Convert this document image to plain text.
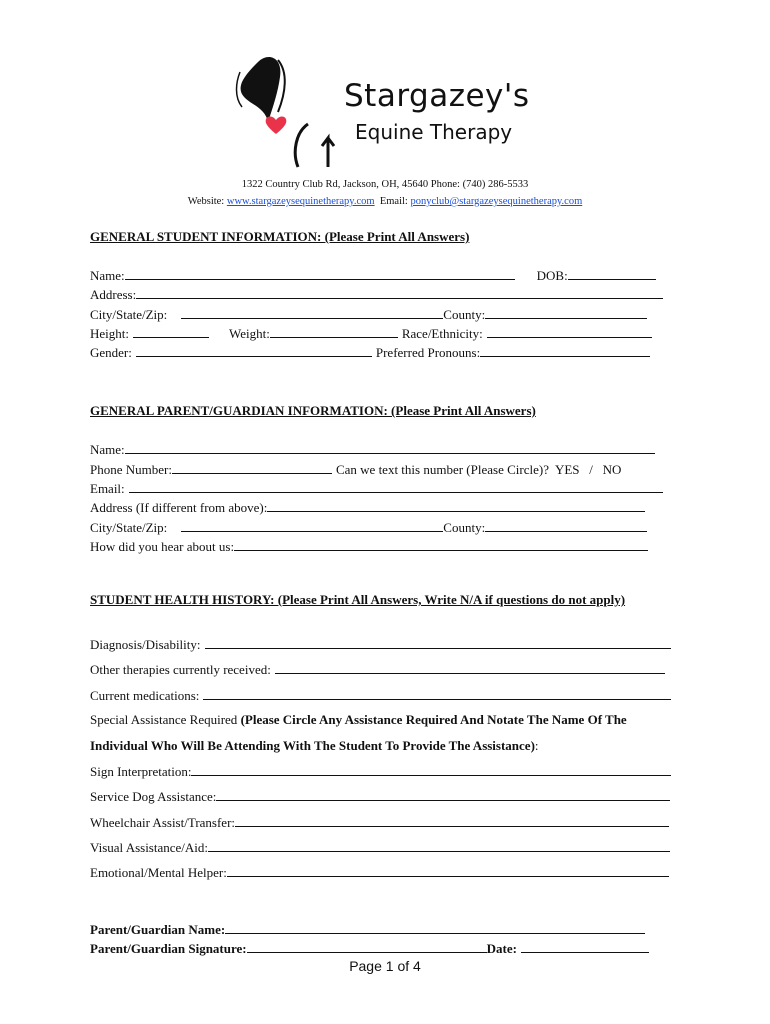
Stargazey's
Equine Therapy
1322 Country Club Rd, Jackson, OH, 45640 Phone: (740) 286-5533
Website: www.stargazeysequinetherapy.com Email: ponyclub@stargazeysequinetherapy.com
GENERAL STUDENT INFORMATION: (Please Print All Answers)
Name:	DOB:
Address:
City/State/Zip:	County:
Height:	Weight:	Race/Ethnicity:
Gender:	Preferred Pronouns:
GENERAL PARENT/GUARDIAN INFORMATION: (Please Print All Answers)
Name:
Phone Number:	Can we text this number (Please Circle)?  YES   /   NO
Email:
Address (If different from above):
City/State/Zip:	County:
How did you hear about us:
STUDENT HEALTH HISTORY: (Please Print All Answers, Write N/A if questions do not apply)
Diagnosis/Disability:
Other therapies currently received:
Current medications:
Special Assistance Required (Please Circle Any Assistance Required And Notate The Name Of The
Individual Who Will Be Attending With The Student To Provide The Assistance):
Sign Interpretation:
Service Dog Assistance:
Wheelchair Assist/Transfer:
Visual Assistance/Aid:
Emotional/Mental Helper:
Parent/Guardian Name:
Parent/Guardian Signature:	Date:
Page 1 of 4
